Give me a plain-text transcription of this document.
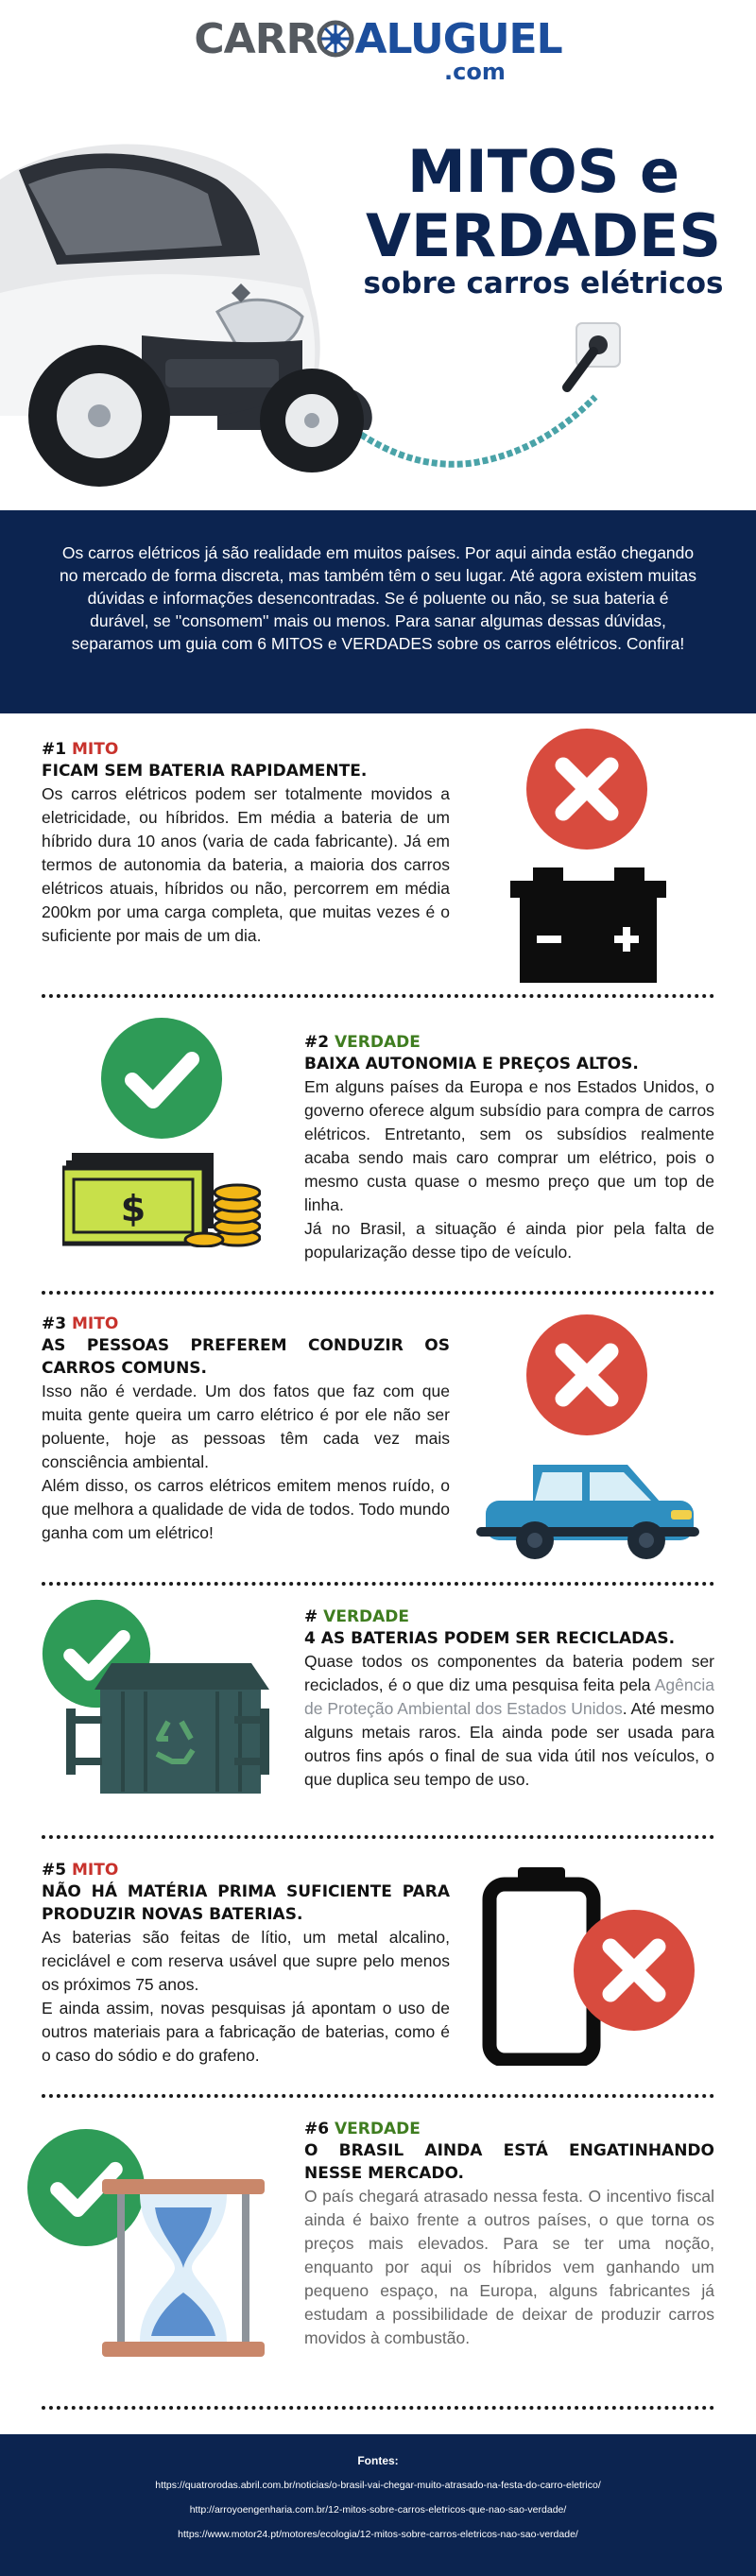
CARR ALUGUEL
.com
MITOS e
VERDADES
sobre carros elétricos
Os carros elétricos já são realidade em muitos países. Por aqui ainda estão chegando no mercado de forma discreta, mas também têm o seu lugar. Até agora existem muitas dúvidas e informações desencontradas. Se é poluente ou não, se sua bateria é durável, se ''consomem'' mais ou menos. Para sanar algumas dessas dúvidas, separamos um guia com 6 MITOS e VERDADES sobre os carros elétricos. Confira!
#1 MITO
FICAM SEM BATERIA RAPIDAMENTE.
Os carros elétricos podem ser totalmente movidos a eletricidade, ou híbridos. Em média a bateria de um híbrido dura 10 anos (varia de cada fabricante). Já em termos de autonomia da bateria, a maioria dos carros elétricos atuais, híbridos ou não, percorrem em média 200km por uma carga completa, que muitas vezes é o suficiente por mais de um dia.
$
#2 VERDADE
BAIXA AUTONOMIA E PREÇOS ALTOS.
Em alguns países da Europa e nos Estados Unidos, o governo oferece algum subsídio para compra de carros elétricos. Entretanto, sem os subsídios realmente acaba sendo mais caro comprar um elétrico, pois o mesmo custa quase o mesmo preço que um top de linha.
Já no Brasil, a situação é ainda pior pela falta de popularização desse tipo de veículo.
#3 MITO
AS PESSOAS PREFEREM CONDUZIR OS CARROS COMUNS.
Isso não é verdade. Um dos fatos que faz com que muita gente queira um carro elétrico é por ele não ser poluente, hoje as pessoas têm cada vez mais consciência ambiental.
Além disso, os carros elétricos emitem menos ruído, o que melhora a qualidade de vida de todos. Todo mundo ganha com um elétrico!
# VERDADE
4 AS BATERIAS PODEM SER RECICLADAS.
Quase todos os componentes da bateria podem ser reciclados, é o que diz uma pesquisa feita pela Agência de Proteção Ambiental dos Estados Unidos. Até mesmo alguns metais raros. Ela ainda pode ser usada para outros fins após o final de sua vida útil nos veículos, o que duplica seu tempo de uso.
#5 MITO
NÃO HÁ MATÉRIA PRIMA SUFICIENTE PARA PRODUZIR NOVAS BATERIAS.
As baterias são feitas de lítio, um metal alcalino, reciclável e com reserva usável que supre pelo menos os próximos 75 anos.
E ainda assim, novas pesquisas já apontam o uso de outros materiais para a fabricação de baterias, como é o caso do sódio e do grafeno.
#6 VERDADE
O BRASIL AINDA ESTÁ ENGATINHANDO NESSE MERCADO.
O país chegará atrasado nessa festa. O incentivo fiscal ainda é baixo frente a outros países, o que torna os preços mais elevados. Para se ter uma noção, enquanto por aqui os híbridos vem ganhando um pequeno espaço, na Europa, alguns fabricantes já estudam a possibilidade de deixar de produzir carros movidos à combustão.
Fontes:
https://quatrorodas.abril.com.br/noticias/o-brasil-vai-chegar-muito-atrasado-na-festa-do-carro-eletrico/
http://arroyoengenharia.com.br/12-mitos-sobre-carros-eletricos-que-nao-sao-verdade/
https://www.motor24.pt/motores/ecologia/12-mitos-sobre-carros-eletricos-nao-sao-verdade/
